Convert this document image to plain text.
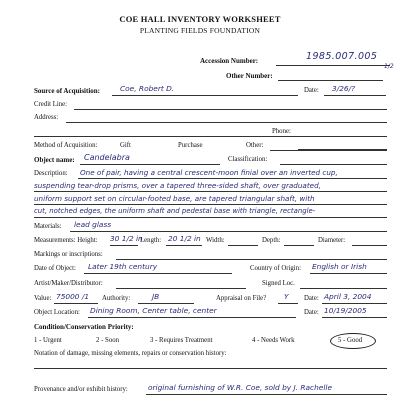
COE HALL INVENTORY WORKSHEET
PLANTING FIELDS FOUNDATION
Accession Number:	1985.007.005
1/2
Other Number:
Source of Acquisition:	Coe, Robert D.	Date: 3/26/?
Credit Line:
Address:
Phone:
Method of Acquisition:	Gift	Purchase	Other:
Object name: Candelabra	Classification:
Description: One of pair, having a central crescent-moon finial over an inverted cup,
suspending tear-drop prisms, over a tapered three-sided shaft, over graduated,
uniform support set on circular-footed base, are tapered triangular shaft, with
cut, notched edges, the uniform shaft and pedestal base with triangle, rectangle-
Materials: lead glass
Measurements: Height: 30 1/2 in
Length: 20 1/2 in Width:	Depth:	Diameter:
Markings or inscriptions:
Date of Object: Later 19th century	Country of Origin: English or Irish
Artist/Maker/Distributor:	Signed Loc.
Value: 75000 /1 Authority:	JB	Appraisal on File? Y Date: April 3, 2004
Object Location: Dining Room, Center table, center	Date: 10/19/2005
Condition/Conservation Priority:
1 - Urgent	2 - Soon	3 - Requires Treatment	4 - Needs Work	5 - Good
Notation of damage, missing elements, repairs or conservation history:
Provenance and/or exhibit history:	original furnishing of W.R. Coe, sold by J. Rachelle
